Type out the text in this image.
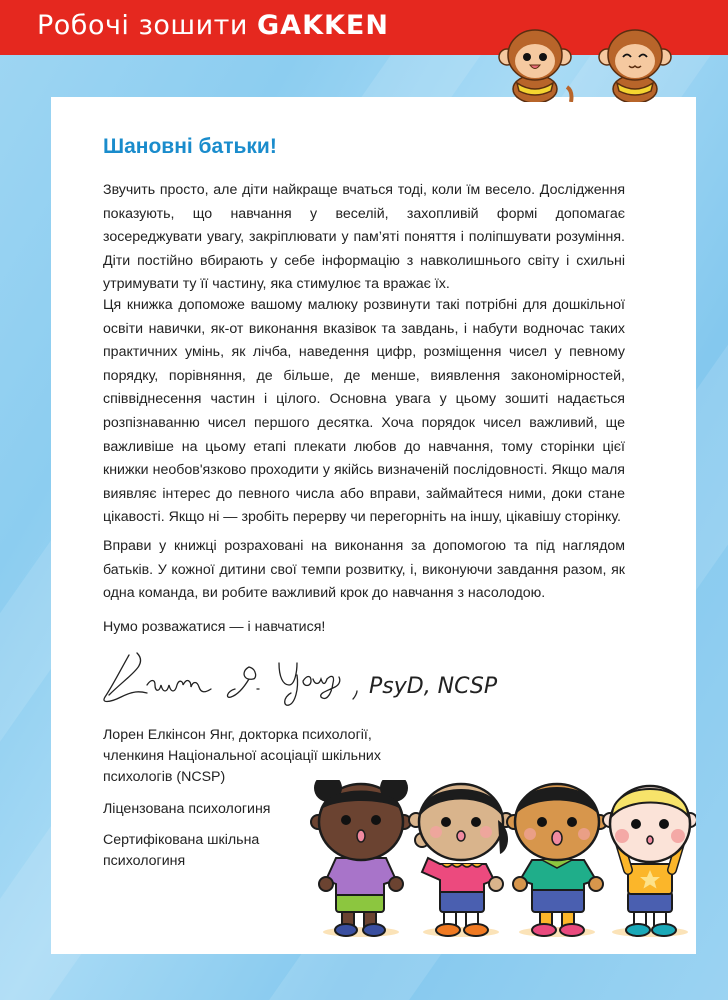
Робочі зошити GAKKEN
Шановні батьки!

Звучить просто, але діти найкраще вчаться тоді, коли їм весело. Дослідження показують, що навчання у веселій, захопливій формі допомагає зосереджувати увагу, закріплювати у пам’яті поняття і поліпшувати розуміння. Діти постійно вбирають у себе інформацію з навколишнього світу і схильні утримувати ту її частину, яка стимулює та вражає їх.

Ця книжка допоможе вашому малюку розвинути такі потрібні для дошкільної освіти навички, як-от виконання вказівок та завдань, і набути водночас таких практичних умінь, як лічба, наведення цифр, розміщення чисел у певному порядку, порівняння, де більше, де менше, виявлення закономірностей, співвіднесення частин і цілого. Основна увага у цьому зошиті надається розпізнаванню чисел першого десятка. Хоча порядок чисел важливий, ще важливіше на цьому етапі плекати любов до навчання, тому сторінки цієї книжки необов'язково проходити у якійсь визначеній послідовності. Якщо маля виявляє інтерес до певного числа або вправи, займайтеся ними, доки стане цікавості. Якщо ні — зробіть перерву чи перегорніть на іншу, цікавішу сторінку.

Вправи у книжці розраховані на виконання за допомогою та під наглядом батьків. У кожної дитини свої темпи розвитку, і, виконуючи завдання разом, як одна команда, ви робите важливий крок до навчання з насолодою.

Нумо розважатися — і навчатися!

PsyD, NCSP
Лорен Елкінсон Янг, докторка психології, членкиня Національної асоціації шкільних психологів (NCSP)
Ліцензована психологиня
Сертифікована шкільна психологиня
